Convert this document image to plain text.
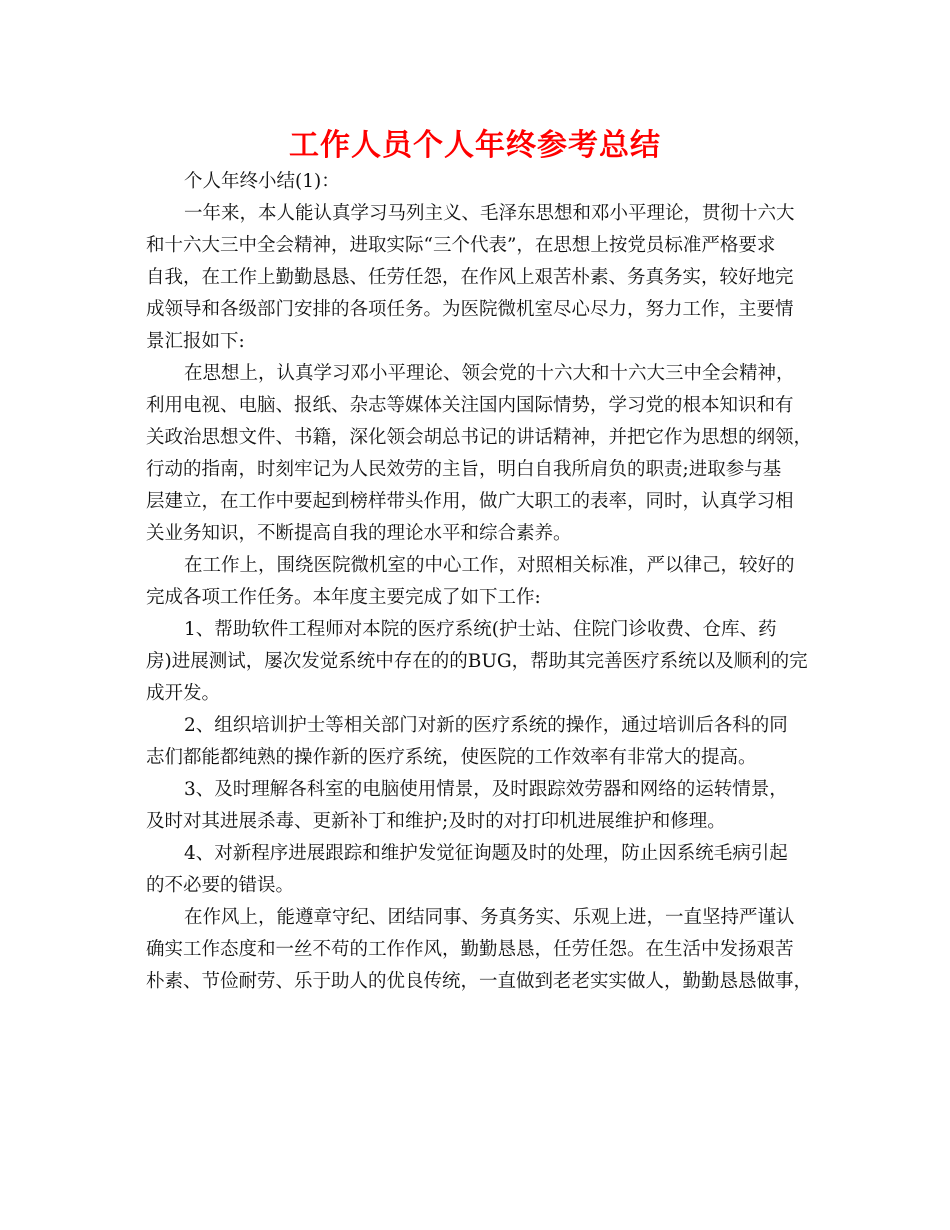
工作人员个人年终参考总结
个人年终小结(1)：
一年来，本人能认真学习马列主义、毛泽东思想和邓小平理论，贯彻十六大
和十六大三中全会精神，进取实际“三个代表”，在思想上按党员标准严格要求
自我，在工作上勤勤恳恳、任劳任怨，在作风上艰苦朴素、务真务实，较好地完
成领导和各级部门安排的各项任务。为医院微机室尽心尽力，努力工作，主要情
景汇报如下:
在思想上，认真学习邓小平理论、领会党的十六大和十六大三中全会精神，
利用电视、电脑、报纸、杂志等媒体关注国内国际情势，学习党的根本知识和有
关政治思想文件、书籍，深化领会胡总书记的讲话精神，并把它作为思想的纲领，
行动的指南，时刻牢记为人民效劳的主旨，明白自我所肩负的职责;进取参与基
层建立，在工作中要起到榜样带头作用，做广大职工的表率，同时，认真学习相
关业务知识，不断提高自我的理论水平和综合素养。
在工作上，围绕医院微机室的中心工作，对照相关标准，严以律己，较好的
完成各项工作任务。本年度主要完成了如下工作:
1、帮助软件工程师对本院的医疗系统(护士站、住院门诊收费、仓库、药
房)进展测试，屡次发觉系统中存在的的BUG，帮助其完善医疗系统以及顺利的完
成开发。
2、组织培训护士等相关部门对新的医疗系统的操作，通过培训后各科的同
志们都能都纯熟的操作新的医疗系统，使医院的工作效率有非常大的提高。
3、及时理解各科室的电脑使用情景，及时跟踪效劳器和网络的运转情景，
及时对其进展杀毒、更新补丁和维护;及时的对打印机进展维护和修理。
4、对新程序进展跟踪和维护发觉征询题及时的处理，防止因系统毛病引起
的不必要的错误。
在作风上，能遵章守纪、团结同事、务真务实、乐观上进，一直坚持严谨认
确实工作态度和一丝不苟的工作作风，勤勤恳恳，任劳任怨。在生活中发扬艰苦
朴素、节俭耐劳、乐于助人的优良传统，一直做到老老实实做人，勤勤恳恳做事，
